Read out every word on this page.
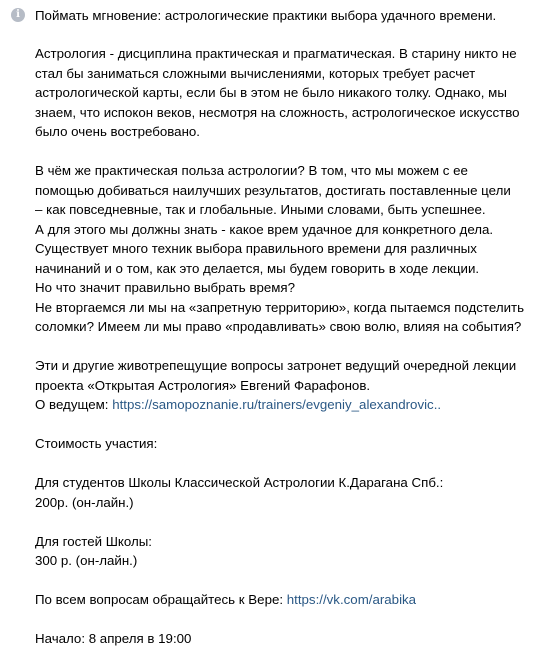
i	Поймать мгновение: астрологические практики выбора удачного времени.
Астрология - дисциплина практическая и прагматическая. В старину никто не
стал бы заниматься сложными вычислениями, которых требует расчет
астрологической карты, если бы в этом не было никакого толку. Однако, мы
знаем, что испокон веков, несмотря на сложность, астрологическое искусство
было очень востребовано.
В чём же практическая польза астрологии? В том, что мы можем с ее
помощью добиваться наилучших результатов, достигать поставленные цели
– как повседневные, так и глобальные. Иными словами, быть успешнее.
А для этого мы должны знать - какое врем удачное для конкретного дела.
Существует много техник выбора правильного времени для различных
начинаний и о том, как это делается, мы будем говорить в ходе лекции.
Но что значит правильно выбрать время?
Не вторгаемся ли мы на «запретную территорию», когда пытаемся подстелить
соломки? Имеем ли мы право «продавливать» свою волю, влияя на события?
Эти и другие животрепещущие вопросы затронет ведущий очередной лекции
проекта «Открытая Астрология» Евгений Фарафонов.
О ведущем: https://samopoznanie.ru/trainers/evgeniy_alexandrovic..
Стоимость участия:
Для студентов Школы Классической Астрологии К.Дарагана Спб.:
200р. (он-лайн.)
Для гостей Школы:
300 р. (он-лайн.)
По всем вопросам обращайтесь к Вере: https://vk.com/arabika
Начало: 8 апреля в 19:00
